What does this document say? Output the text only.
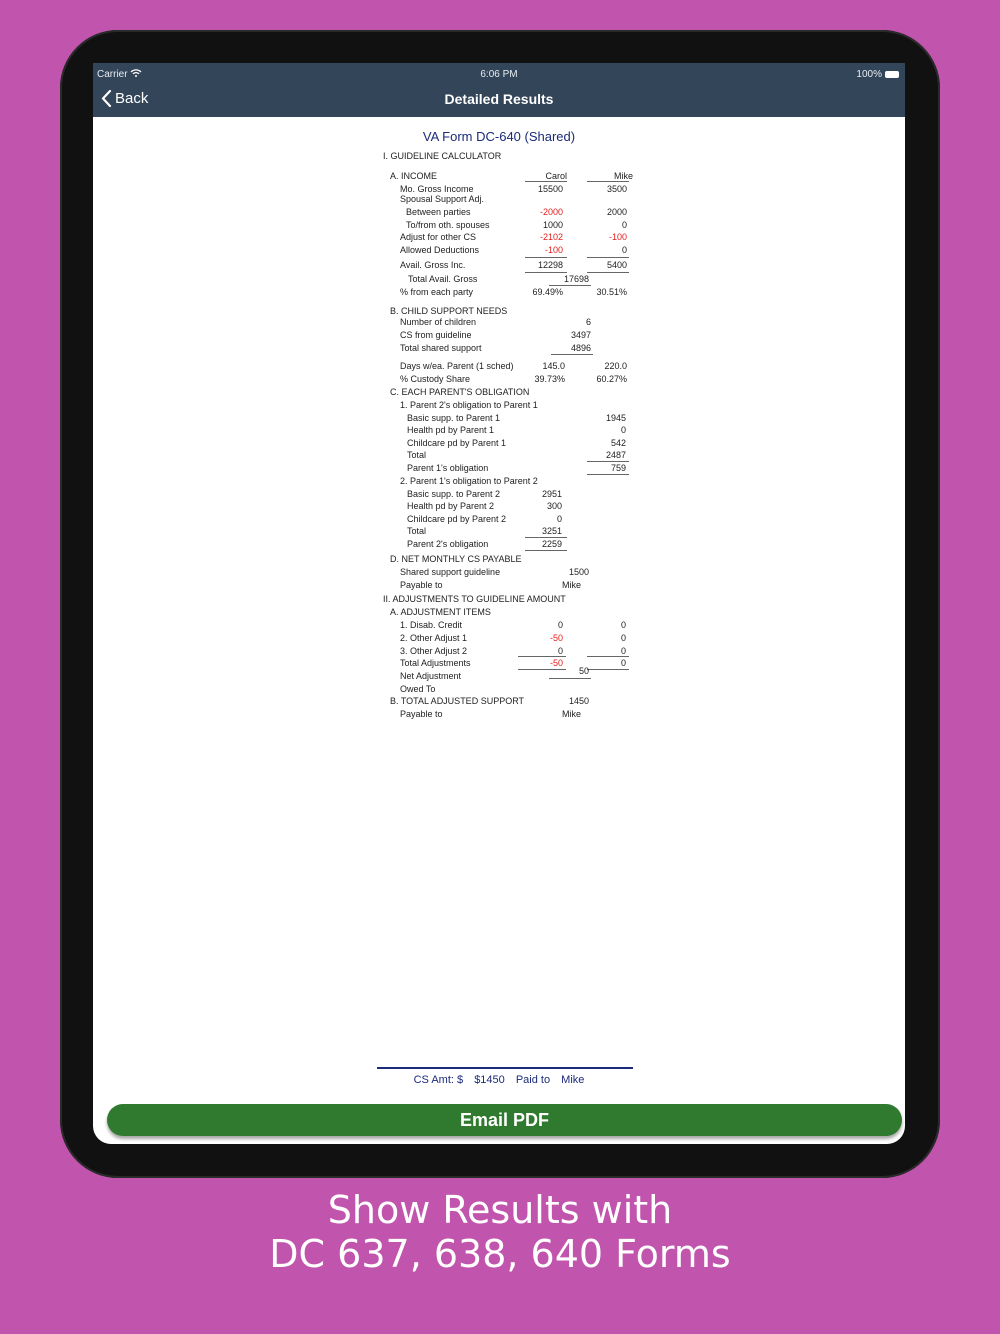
Carrier	6:06 PM	100%
Back	Detailed Results
VA Form DC-640 (Shared)
I. GUIDELINE CALCULATOR
A. INCOME	Carol	Mike
Mo. Gross Income	15500	3500
Spousal Support Adj.
Between parties	-2000	2000
To/from oth. spouses	1000	0
Adjust for other CS	-2102	-100
Allowed Deductions	-100	0
Avail. Gross Inc.	12298	5400
Total Avail. Gross	17698
% from each party	69.49%	30.51%
B. CHILD SUPPORT NEEDS
Number of children	6
CS from guideline	3497
Total shared support	4896
Days w/ea. Parent (1 sched)	145.0	220.0
% Custody Share	39.73%	60.27%
C. EACH PARENT'S OBLIGATION
1. Parent 2's obligation to Parent 1
Basic supp. to Parent 1	1945
Health pd by Parent 1	0
Childcare pd by Parent 1	542
Total	2487
Parent 1's obligation	759
2. Parent 1's obligation to Parent 2
Basic supp. to Parent 2	2951
Health pd by Parent 2	300
Childcare pd by Parent 2	0
Total	3251
Parent 2's obligation	2259
D. NET MONTHLY CS PAYABLE
Shared support guideline	1500
Payable to	Mike
II. ADJUSTMENTS TO GUIDELINE AMOUNT
A. ADJUSTMENT ITEMS
1. Disab. Credit	0	0
2. Other Adjust 1	-50	0
3. Other Adjust 2	0	0
Total Adjustments	-50	0
Net Adjustment	50
Owed To
B. TOTAL ADJUSTED SUPPORT	1450
Payable to	Mike
CS Amt: $ $1450 Paid to Mike
Email PDF
Show Results with
DC 637, 638, 640 Forms
